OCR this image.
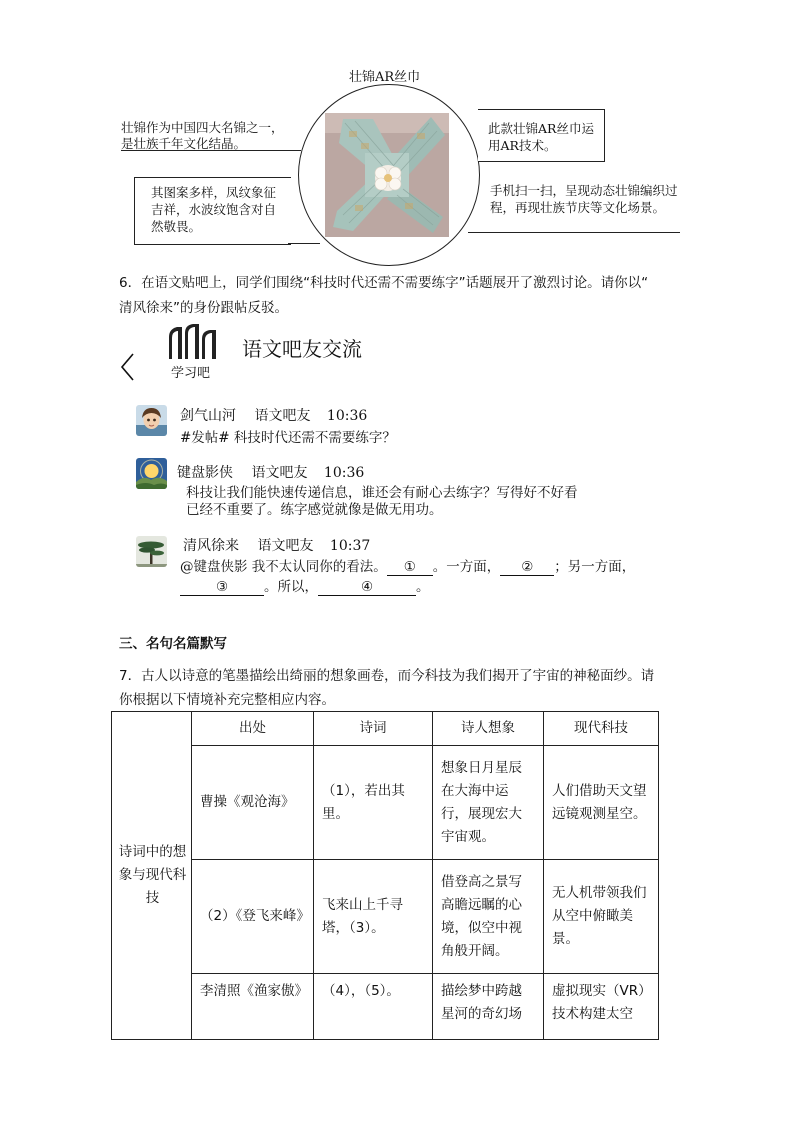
壮锦AR丝巾
壮锦作为中国四大名锦之一，是壮族千年文化结晶。
其图案多样，凤纹象征吉祥，水波纹饱含对自然敬畏。
此款壮锦AR丝巾运用AR技术。
手机扫一扫，呈现动态壮锦编织过程，再现壮族节庆等文化场景。
6．在语文贴吧上，同学们围绕“科技时代还需不需要练字”话题展开了激烈讨论。请你以“
清风徐来”的身份跟帖反驳。
学习吧
语文吧友交流
剑气山河 语文吧友 10:36
#发帖# 科技时代还需不需要练字？
键盘影侠 语文吧友 10:36
科技让我们能快速传递信息，谁还会有耐心去练字？写得好不好看
已经不重要了。练字感觉就像是做无用功。
清风徐来 语文吧友 10:37
@键盘侠影 我不太认同你的看法。 ① 。一方面， ② ；另一方面，
③	。所以，	④	。
三、名句名篇默写
7．古人以诗意的笔墨描绘出绮丽的想象画卷，而今科技为我们揭开了宇宙的神秘面纱。请
你根据以下情境补充完整相应内容。
诗词中的想象与现代科技	出处	诗词	诗人想象	现代科技
	曹操《观沧海》	（1），若出其里。	想象日月星辰在大海中运行，展现宏大宇宙观。	人们借助天文望远镜观测星空。
	（2）《登飞来峰》	飞来山上千寻塔，（3）。	借登高之景写高瞻远瞩的心境，似空中视角般开阔。	无人机带领我们从空中俯瞰美景。
	李清照《渔家傲》	（4），（5）。	描绘梦中跨越星河的奇幻场	虚拟现实（VR）技术构建太空
